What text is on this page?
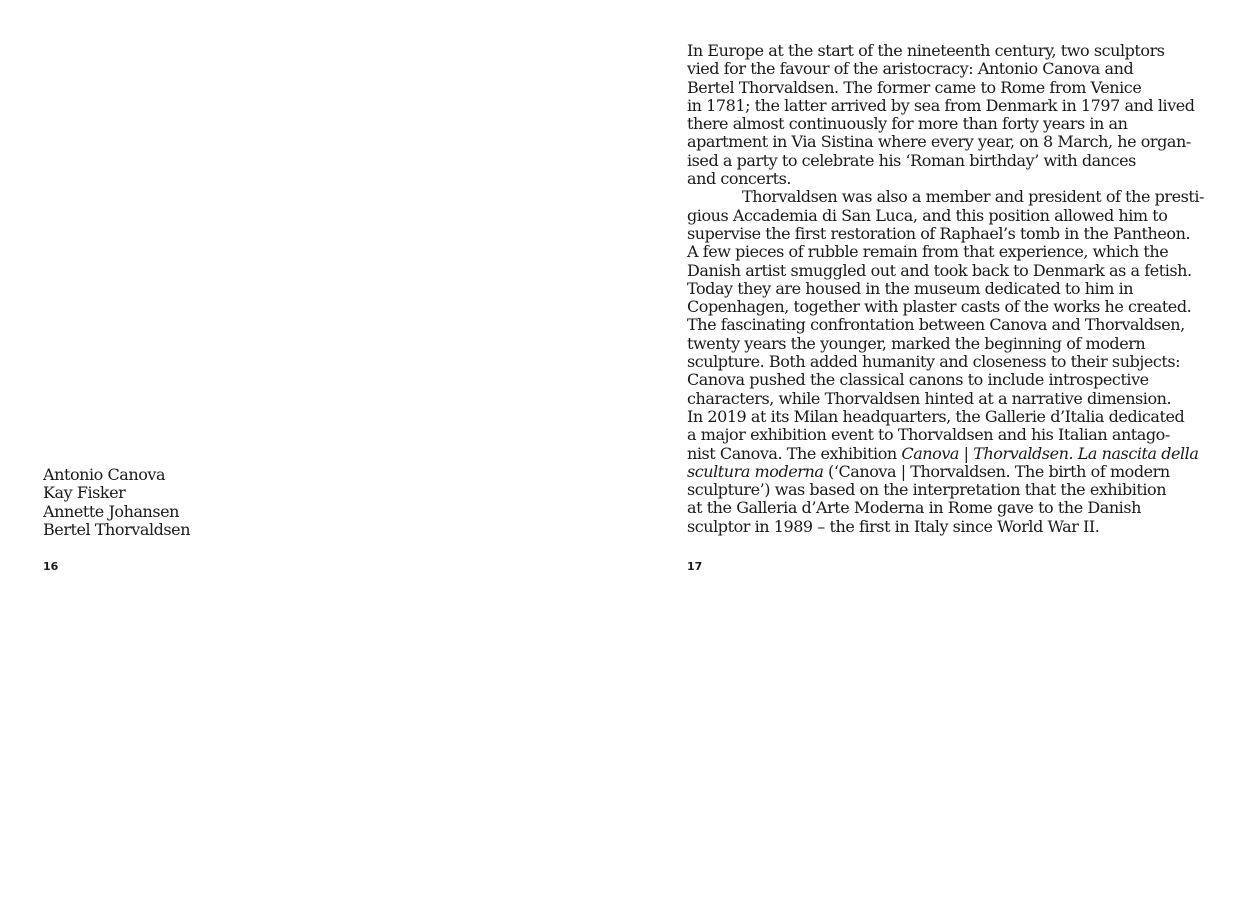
Antonio Canova
Kay Fisker
Annette Johansen
Bertel Thorvaldsen
16
In Europe at the start of the nineteenth century, two sculptors
vied for the favour of the aristocracy: Antonio Canova and
Bertel Thorvaldsen. The former came to Rome from Venice
in 1781; the latter arrived by sea from Denmark in 1797 and lived
there almost continuously for more than forty years in an
apartment in Via Sistina where every year, on 8 March, he organ-
ised a party to celebrate his ‘Roman birthday’ with dances
and concerts.
Thorvaldsen was also a member and president of the presti-
gious Accademia di San Luca, and this position allowed him to
supervise the first restoration of Raphael’s tomb in the Pantheon.
A few pieces of rubble remain from that experience, which the
Danish artist smuggled out and took back to Denmark as a fetish.
Today they are housed in the museum dedicated to him in
Copenhagen, together with plaster casts of the works he created.
The fascinating confrontation between Canova and Thorvaldsen,
twenty years the younger, marked the beginning of modern
sculpture. Both added humanity and closeness to their subjects:
Canova pushed the classical canons to include introspective
characters, while Thorvaldsen hinted at a narrative dimension.
In 2019 at its Milan headquarters, the Gallerie d’Italia dedicated
a major exhibition event to Thorvaldsen and his Italian antago-
nist Canova. The exhibition Canova | Thorvaldsen. La nascita della
scultura moderna (‘Canova | Thorvaldsen. The birth of modern
sculpture’) was based on the interpretation that the exhibition
at the Galleria d’Arte Moderna in Rome gave to the Danish
sculptor in 1989 – the first in Italy since World War II.
17
